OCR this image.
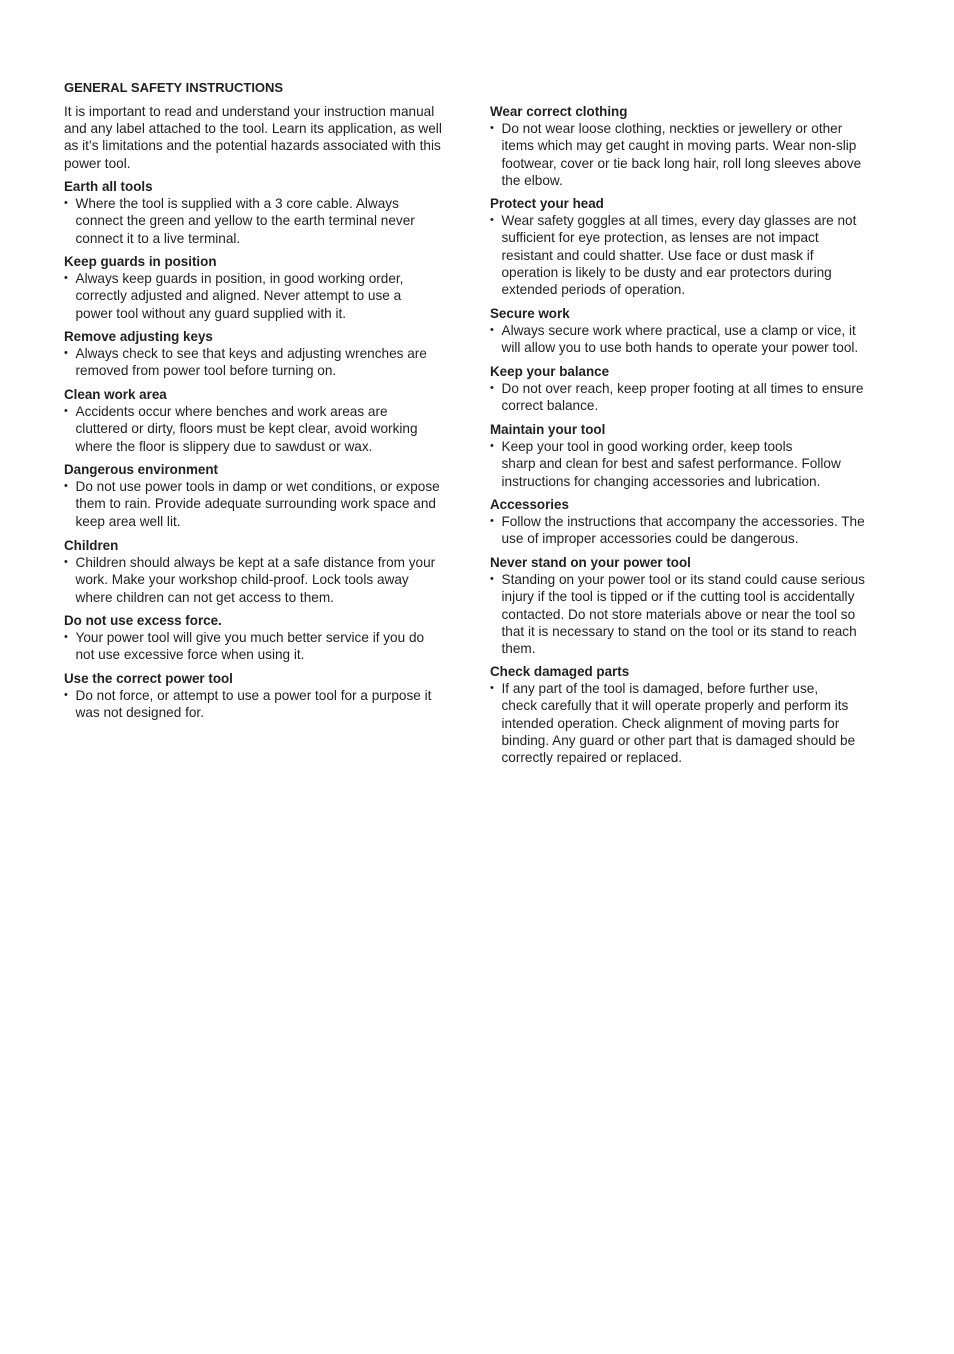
GENERAL SAFETY INSTRUCTIONS

It is important to read and understand your instruction manual
and any label attached to the tool. Learn its application, as well
as it’s limitations and the potential hazards associated with this
power tool.

Earth all tools
• Where the tool is supplied with a 3 core cable. Always
connect the green and yellow to the earth terminal never
connect it to a live terminal.
Keep guards in position
• Always keep guards in position, in good working order,
correctly adjusted and aligned. Never attempt to use a
power tool without any guard supplied with it.
Remove adjusting keys
• Always check to see that keys and adjusting wrenches are
removed from power tool before turning on.
Clean work area
• Accidents occur where benches and work areas are
cluttered or dirty, floors must be kept clear, avoid working
where the floor is slippery due to sawdust or wax.
Dangerous environment
• Do not use power tools in damp or wet conditions, or expose
them to rain. Provide adequate surrounding work space and
keep area well lit.
Children
• Children should always be kept at a safe distance from your
work. Make your workshop child-proof. Lock tools away
where children can not get access to them.
Do not use excess force.
• Your power tool will give you much better service if you do
not use excessive force when using it.
Use the correct power tool
• Do not force, or attempt to use a power tool for a purpose it
was not designed for.
Wear correct clothing
• Do not wear loose clothing, neckties or jewellery or other
items which may get caught in moving parts. Wear non-slip
footwear, cover or tie back long hair, roll long sleeves above
the elbow.
Protect your head
• Wear safety goggles at all times, every day glasses are not
sufficient for eye protection, as lenses are not impact
resistant and could shatter. Use face or dust mask if
operation is likely to be dusty and ear protectors during
extended periods of operation.
Secure work
• Always secure work where practical, use a clamp or vice, it
will allow you to use both hands to operate your power tool.
Keep your balance
• Do not over reach, keep proper footing at all times to ensure
correct balance.
Maintain your tool
• Keep your tool in good working order, keep tools
sharp and clean for best and safest performance. Follow
instructions for changing accessories and lubrication.
Accessories
• Follow the instructions that accompany the accessories. The
use of improper accessories could be dangerous.
Never stand on your power tool
• Standing on your power tool or its stand could cause serious
injury if the tool is tipped or if the cutting tool is accidentally
contacted. Do not store materials above or near the tool so
that it is necessary to stand on the tool or its stand to reach
them.
Check damaged parts
• If any part of the tool is damaged, before further use,
check carefully that it will operate properly and perform its
intended operation. Check alignment of moving parts for
binding. Any guard or other part that is damaged should be
correctly repaired or replaced.
